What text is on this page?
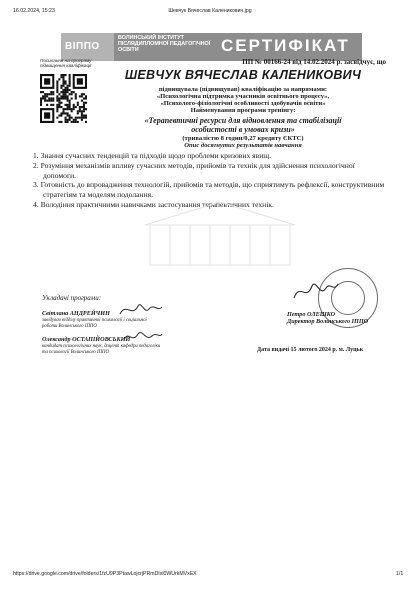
16.02.2024, 15:23	Шевчук Вячеслав Каленикович.jpg
ВІППО
ВОЛИНСЬКИЙ ІНСТИТУТ ПІСЛЯДИПЛОМНОЇ ПЕДАГОГІЧНОЇ ОСВІТИ	СЕРТИФІКАТ
Посилання на програму підвищення кваліфікації	ПП № 00166-24 від 14.02.2024 р. засвідчує, що
ШЕВЧУК ВЯЧЕСЛАВ КАЛЕНИКОВИЧ
підвищувала (підвищував) кваліфікацію за напрямами:
«Психологічна підтримка учасників освітнього процесу»,
«Психолого-фізіологічні особливості здобувачів освіти»
Найменування програми тренінгу:
«Терапевтичні ресурси для відновлення та стабілізації
особистості в умовах кризи»
(тривалістю 8 годин/0,27 кредиту ЄКТС)
Опис досягнутих результатів навчання
1. Знання сучасних тенденцій та підходів щодо проблеми кризових явищ.
2. Розуміння механізмів впливу сучасних методів, прийомів та технік для здійснення психологічної допомоги.
3. Готовність до впровадження технологій, прийомів та методів, що сприятимуть рефлексії, конструктивним стратегіям та моделям подолання.
4. Володіння практичними навичками застосування терапевтичних технік.
Укладачі програми:
Світлана АНДРЕЙЧИН
завідувач відділу практичної психології і соціальної роботи Волинського ІППО
Олександр ОСТАПІЙОВСЬКИЙ
кандидат психологічних наук, доцент кафедри педагогіки та психології Волинського ІППО
Петро ОЛЕШКО
Директор Волинського ІППО
Дата видачі 15 лютого 2024 р. м. Луцьк
https://drive.google.com/drive/folders/1fzU9P3PtawLojcrjPRmDIxl0WUrkMVxEX	1/1
